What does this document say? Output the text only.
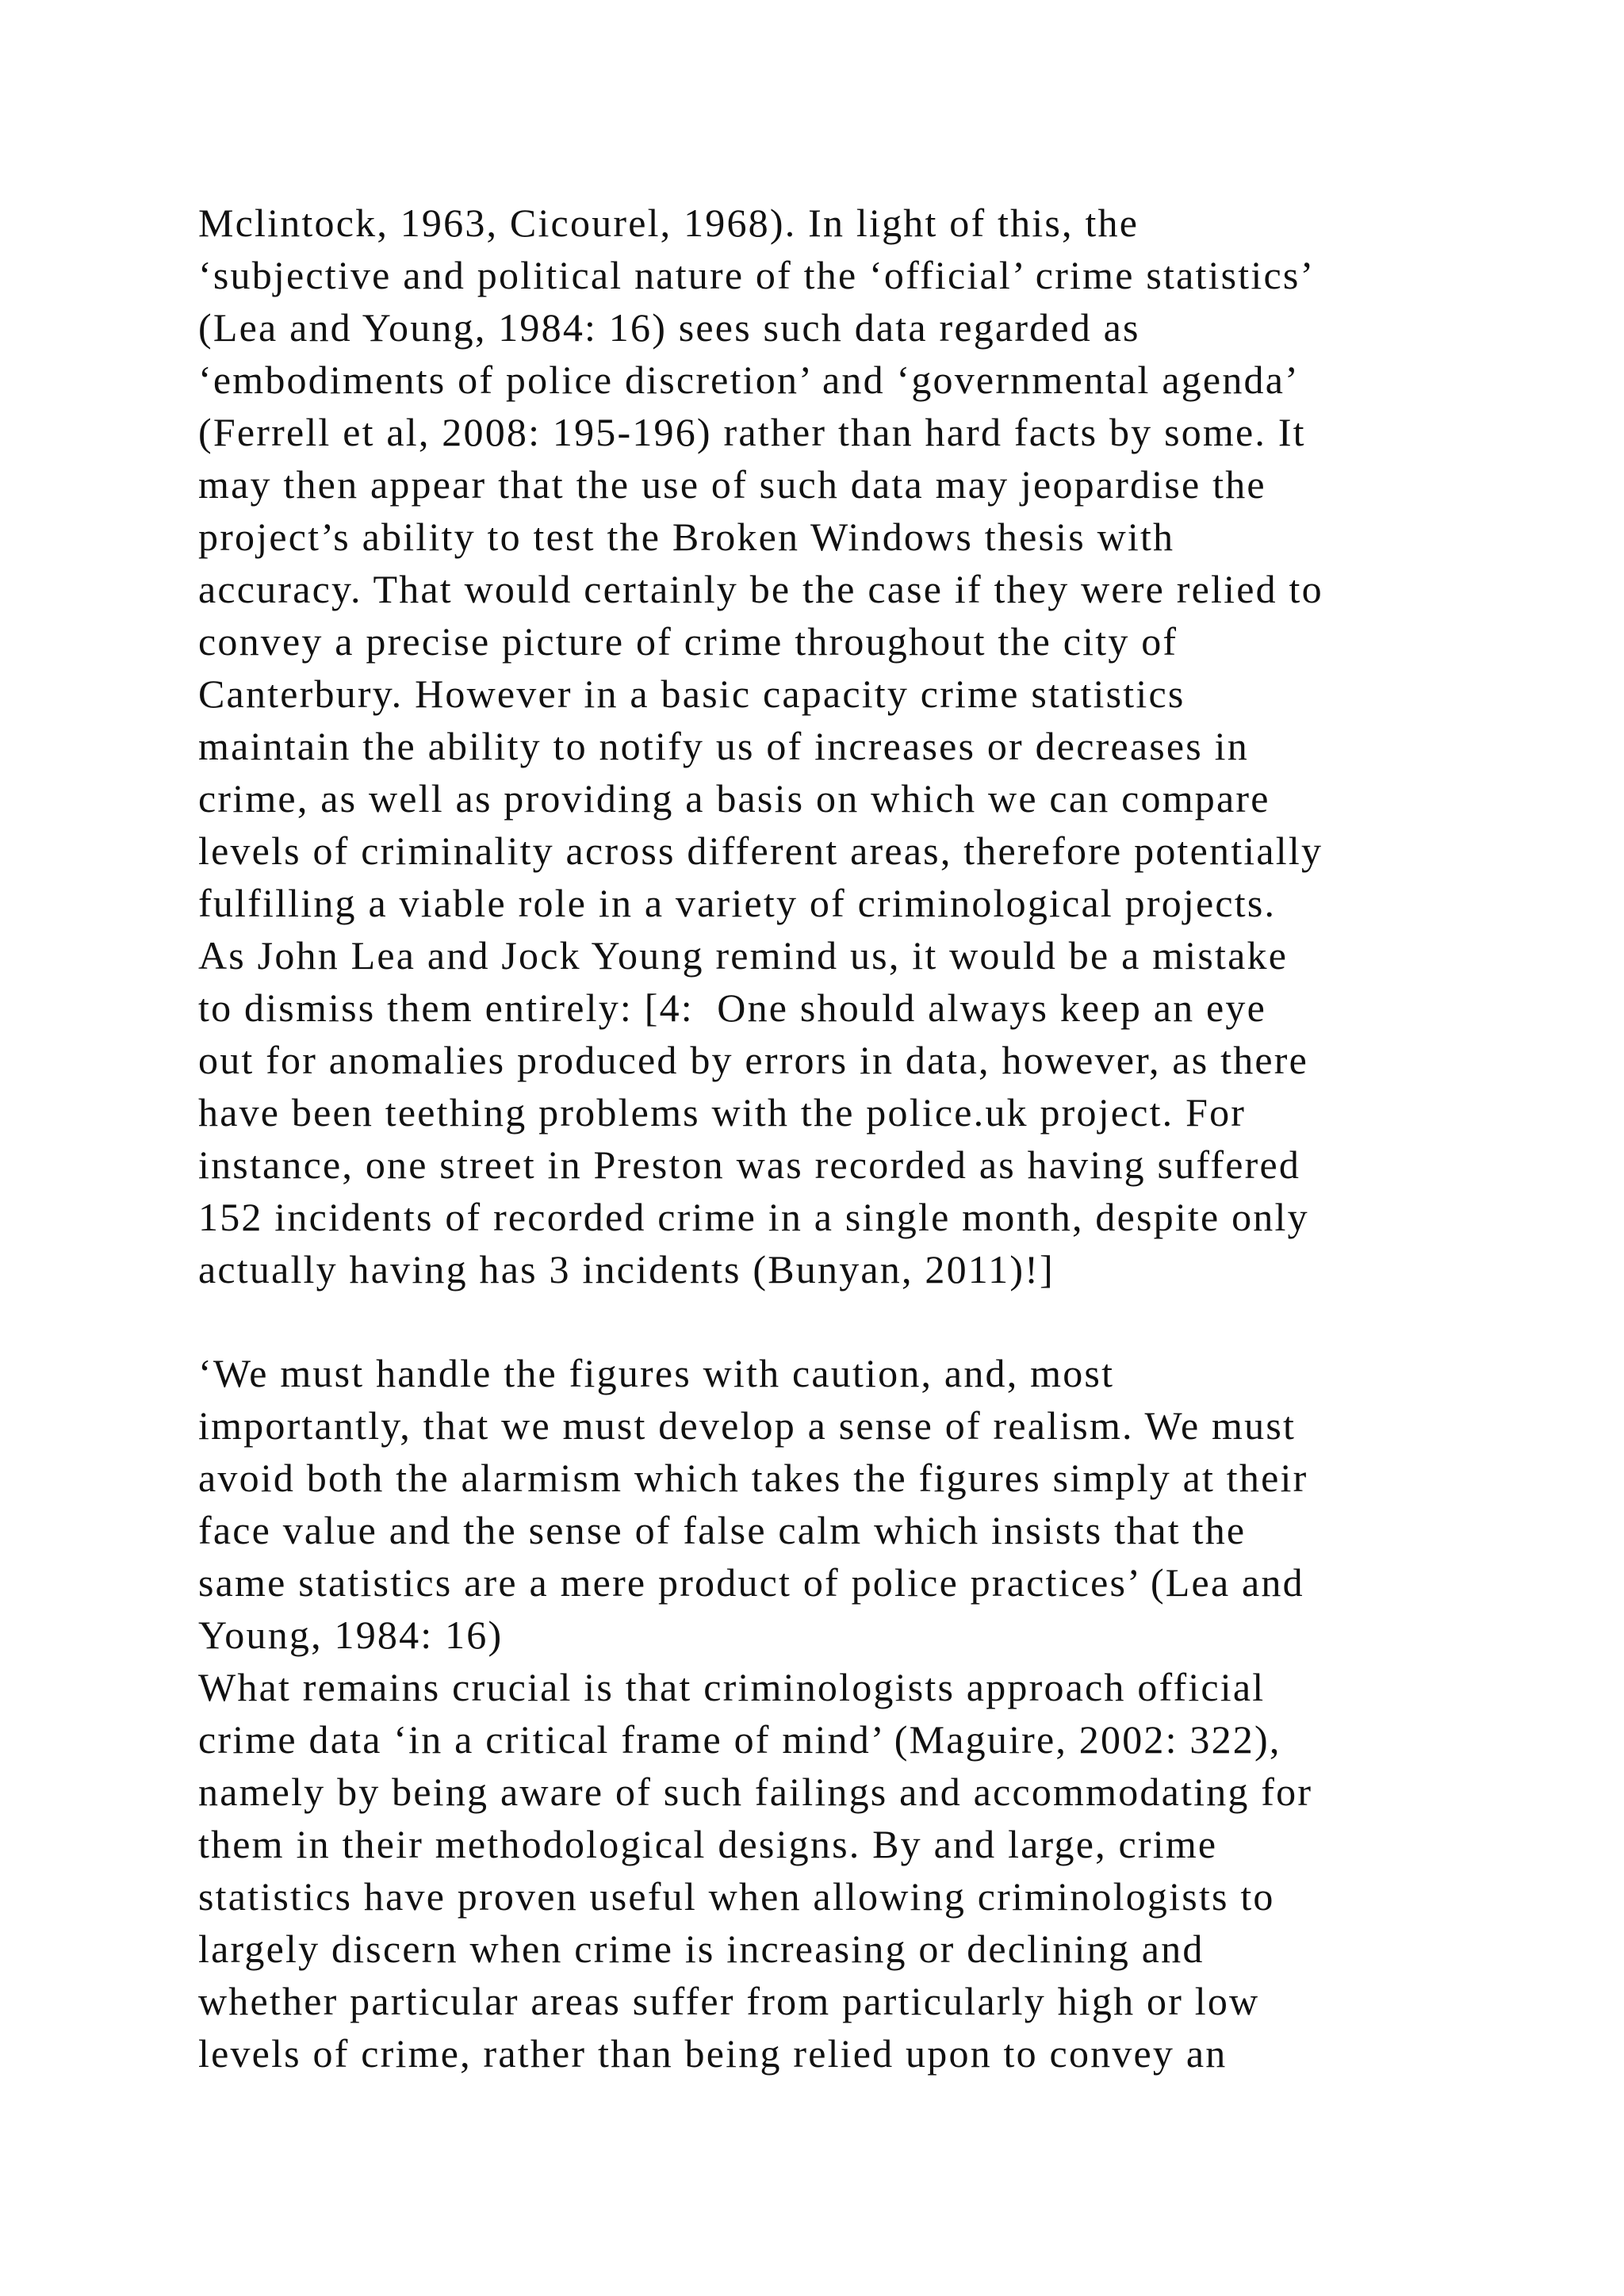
Mclintock, 1963, Cicourel, 1968). In light of this, the
‘subjective and political nature of the ‘official’ crime statistics’
(Lea and Young, 1984: 16) sees such data regarded as
‘embodiments of police discretion’ and ‘governmental agenda’
(Ferrell et al, 2008: 195-196) rather than hard facts by some. It
may then appear that the use of such data may jeopardise the
project’s ability to test the Broken Windows thesis with
accuracy. That would certainly be the case if they were relied to
convey a precise picture of crime throughout the city of
Canterbury. However in a basic capacity crime statistics
maintain the ability to notify us of increases or decreases in
crime, as well as providing a basis on which we can compare
levels of criminality across different areas, therefore potentially
fulfilling a viable role in a variety of criminological projects.
As John Lea and Jock Young remind us, it would be a mistake
to dismiss them entirely: [4:  One should always keep an eye
out for anomalies produced by errors in data, however, as there
have been teething problems with the police.uk project. For
instance, one street in Preston was recorded as having suffered
152 incidents of recorded crime in a single month, despite only
actually having has 3 incidents (Bunyan, 2011)!]
‘We must handle the figures with caution, and, most
importantly, that we must develop a sense of realism. We must
avoid both the alarmism which takes the figures simply at their
face value and the sense of false calm which insists that the
same statistics are a mere product of police practices’ (Lea and
Young, 1984: 16)
What remains crucial is that criminologists approach official
crime data ‘in a critical frame of mind’ (Maguire, 2002: 322),
namely by being aware of such failings and accommodating for
them in their methodological designs. By and large, crime
statistics have proven useful when allowing criminologists to
largely discern when crime is increasing or declining and
whether particular areas suffer from particularly high or low
levels of crime, rather than being relied upon to convey an
